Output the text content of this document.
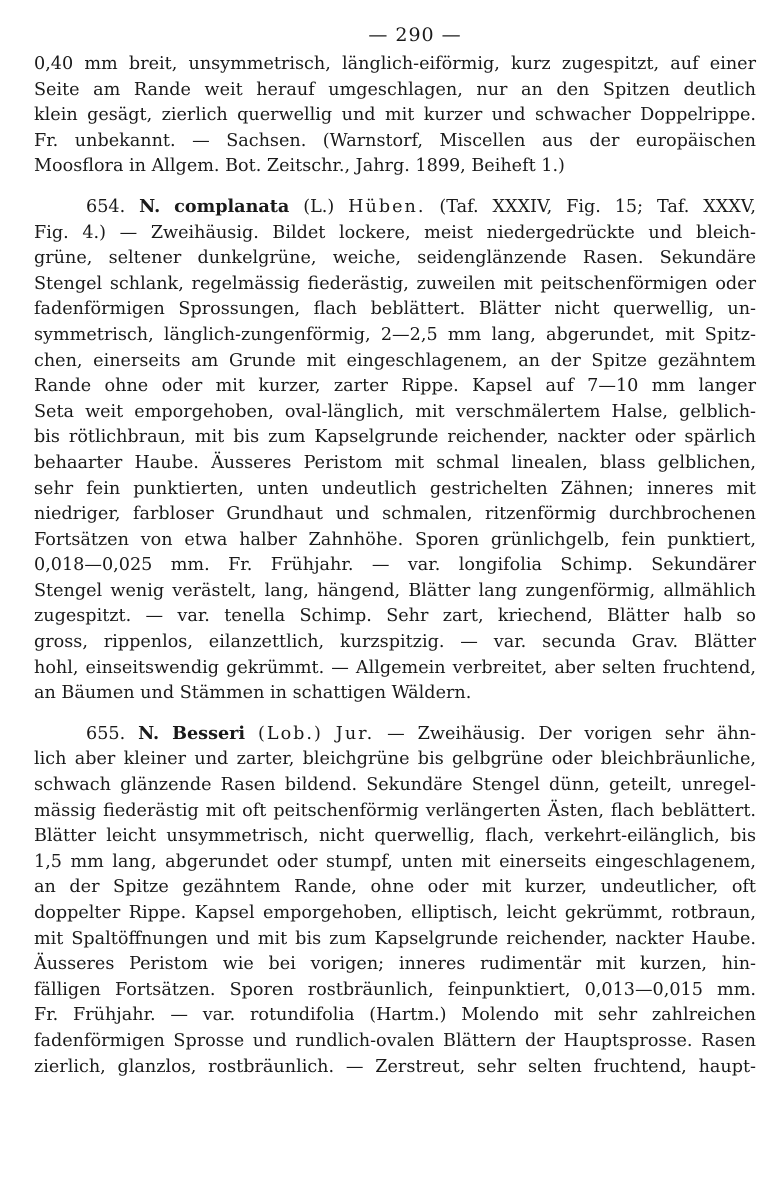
— 290 —
0,40 mm breit, unsymmetrisch, länglich-eiförmig, kurz zugespitzt, auf einer
Seite am Rande weit herauf umgeschlagen, nur an den Spitzen deutlich
klein gesägt, zierlich querwellig und mit kurzer und schwacher Doppelrippe.
Fr. unbekannt. — Sachsen. (Warnstorf, Miscellen aus der europäischen
Moosflora in Allgem. Bot. Zeitschr., Jahrg. 1899, Beiheft 1.)
654. N. complanata (L.) Hüben. (Taf. XXXIV, Fig. 15; Taf. XXXV,
Fig. 4.) — Zweihäusig. Bildet lockere, meist niedergedrückte und bleich-
grüne, seltener dunkelgrüne, weiche, seidenglänzende Rasen. Sekundäre
Stengel schlank, regelmässig fiederästig, zuweilen mit peitschenförmigen oder
fadenförmigen Sprossungen, flach beblättert. Blätter nicht querwellig, un-
symmetrisch, länglich-zungenförmig, 2—2,5 mm lang, abgerundet, mit Spitz-
chen, einerseits am Grunde mit eingeschlagenem, an der Spitze gezähntem
Rande ohne oder mit kurzer, zarter Rippe. Kapsel auf 7—10 mm langer
Seta weit emporgehoben, oval-länglich, mit verschmälertem Halse, gelblich-
bis rötlichbraun, mit bis zum Kapselgrunde reichender, nackter oder spärlich
behaarter Haube. Äusseres Peristom mit schmal linealen, blass gelblichen,
sehr fein punktierten, unten undeutlich gestrichelten Zähnen; inneres mit
niedriger, farbloser Grundhaut und schmalen, ritzenförmig durchbrochenen
Fortsätzen von etwa halber Zahnhöhe. Sporen grünlichgelb, fein punktiert,
0,018—0,025 mm. Fr. Frühjahr. — var. longifolia Schimp. Sekundärer
Stengel wenig verästelt, lang, hängend, Blätter lang zungenförmig, allmählich
zugespitzt. — var. tenella Schimp. Sehr zart, kriechend, Blätter halb so
gross, rippenlos, eilanzettlich, kurzspitzig. — var. secunda Grav. Blätter
hohl, einseitswendig gekrümmt. — Allgemein verbreitet, aber selten fruchtend,
an Bäumen und Stämmen in schattigen Wäldern.
655. N. Besseri (Lob.) Jur. — Zweihäusig. Der vorigen sehr ähn-
lich aber kleiner und zarter, bleichgrüne bis gelbgrüne oder bleichbräunliche,
schwach glänzende Rasen bildend. Sekundäre Stengel dünn, geteilt, unregel-
mässig fiederästig mit oft peitschenförmig verlängerten Ästen, flach beblättert.
Blätter leicht unsymmetrisch, nicht querwellig, flach, verkehrt-eilänglich, bis
1,5 mm lang, abgerundet oder stumpf, unten mit einerseits eingeschlagenem,
an der Spitze gezähntem Rande, ohne oder mit kurzer, undeutlicher, oft
doppelter Rippe. Kapsel emporgehoben, elliptisch, leicht gekrümmt, rotbraun,
mit Spaltöffnungen und mit bis zum Kapselgrunde reichender, nackter Haube.
Äusseres Peristom wie bei vorigen; inneres rudimentär mit kurzen, hin-
fälligen Fortsätzen. Sporen rostbräunlich, feinpunktiert, 0,013—0,015 mm.
Fr. Frühjahr. — var. rotundifolia (Hartm.) Molendo mit sehr zahlreichen
fadenförmigen Sprosse und rundlich-ovalen Blättern der Hauptsprosse. Rasen
zierlich, glanzlos, rostbräunlich. — Zerstreut, sehr selten fruchtend, haupt-
